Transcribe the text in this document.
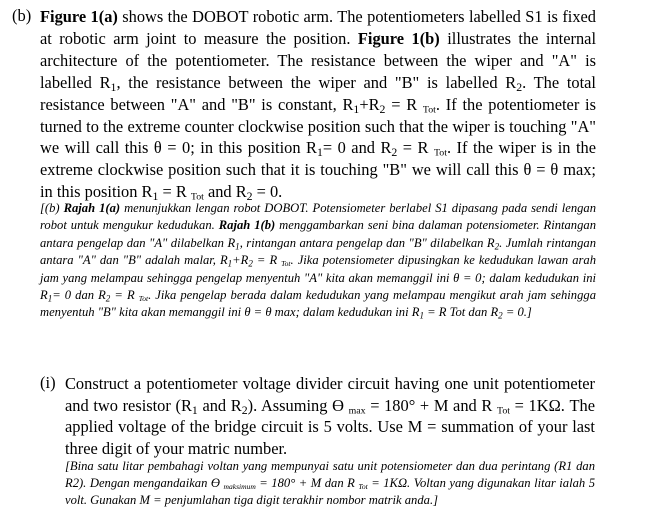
(b) Figure 1(a) shows the DOBOT robotic arm. The potentiometers labelled S1 is fixed at robotic arm joint to measure the position. Figure 1(b) illustrates the internal architecture of the potentiometer. The resistance between the wiper and "A" is labelled $R_1$, the resistance between the wiper and "B" is labelled $R_2$. The total resistance between "A" and "B" is constant, $R_1+R_2 = R$ $_{Tot}$. If the potentiometer is turned to the extreme counter clockwise position such that the wiper is touching "A" we will call this θ = 0; in this position $R_1= 0$ and $R_2 = R$ $_{Tot}$. If the wiper is in the extreme clockwise position such that it is touching "B" we will call this θ = θ max; in this position $R_1 = R$ $_{Tot}$ and $R_2 = 0$.
[(b) Rajah 1(a) menunjukkan lengan robot DOBOT. Potensiometer berlabel S1 dipasang pada sendi lengan robot untuk mengukur kedudukan. Rajah 1(b) menggambarkan seni bina dalaman potensiometer. Rintangan antara pengelap dan "A" dilabelkan $R_1$, rintangan antara pengelap dan "B" dilabelkan $R_2$. Jumlah rintangan antara "A" dan "B" adalah malar, $R_1+R_2 = R$ $_{Tot}$. Jika potensiometer dipusingkan ke kedudukan lawan arah jam yang melampau sehingga pengelap menyentuh "A" kita akan memanggil ini θ = 0; dalam kedudukan ini $R_1= 0$ dan $R_2 = R$ $_{Tot}$. Jika pengelap berada dalam kedudukan yang melampau mengikut arah jam sehingga menyentuh "B" kita akan memanggil ini θ = θ max; dalam kedudukan ini $R_1 = R$ Tot dan $R_2 = 0$.]
(i) Construct a potentiometer voltage divider circuit having one unit potentiometer and two resistor ($R_1$ and $R_2$). Assuming ϴ $_{max}$ = 180° + M and R $_{Tot}$ = 1KΩ. The applied voltage of the bridge circuit is 5 volts. Use M = summation of your last three digit of your matric number.
[Bina satu litar pembahagi voltan yang mempunyai satu unit potensiometer dan dua perintang (R1 dan R2). Dengan mengandaikan ϴ $_{maksimum}$ = 180° + M dan R $_{Tot}$ = 1KΩ. Voltan yang digunakan litar ialah 5 volt. Gunakan M = penjumlahan tiga digit terakhir nombor matrik anda.]
